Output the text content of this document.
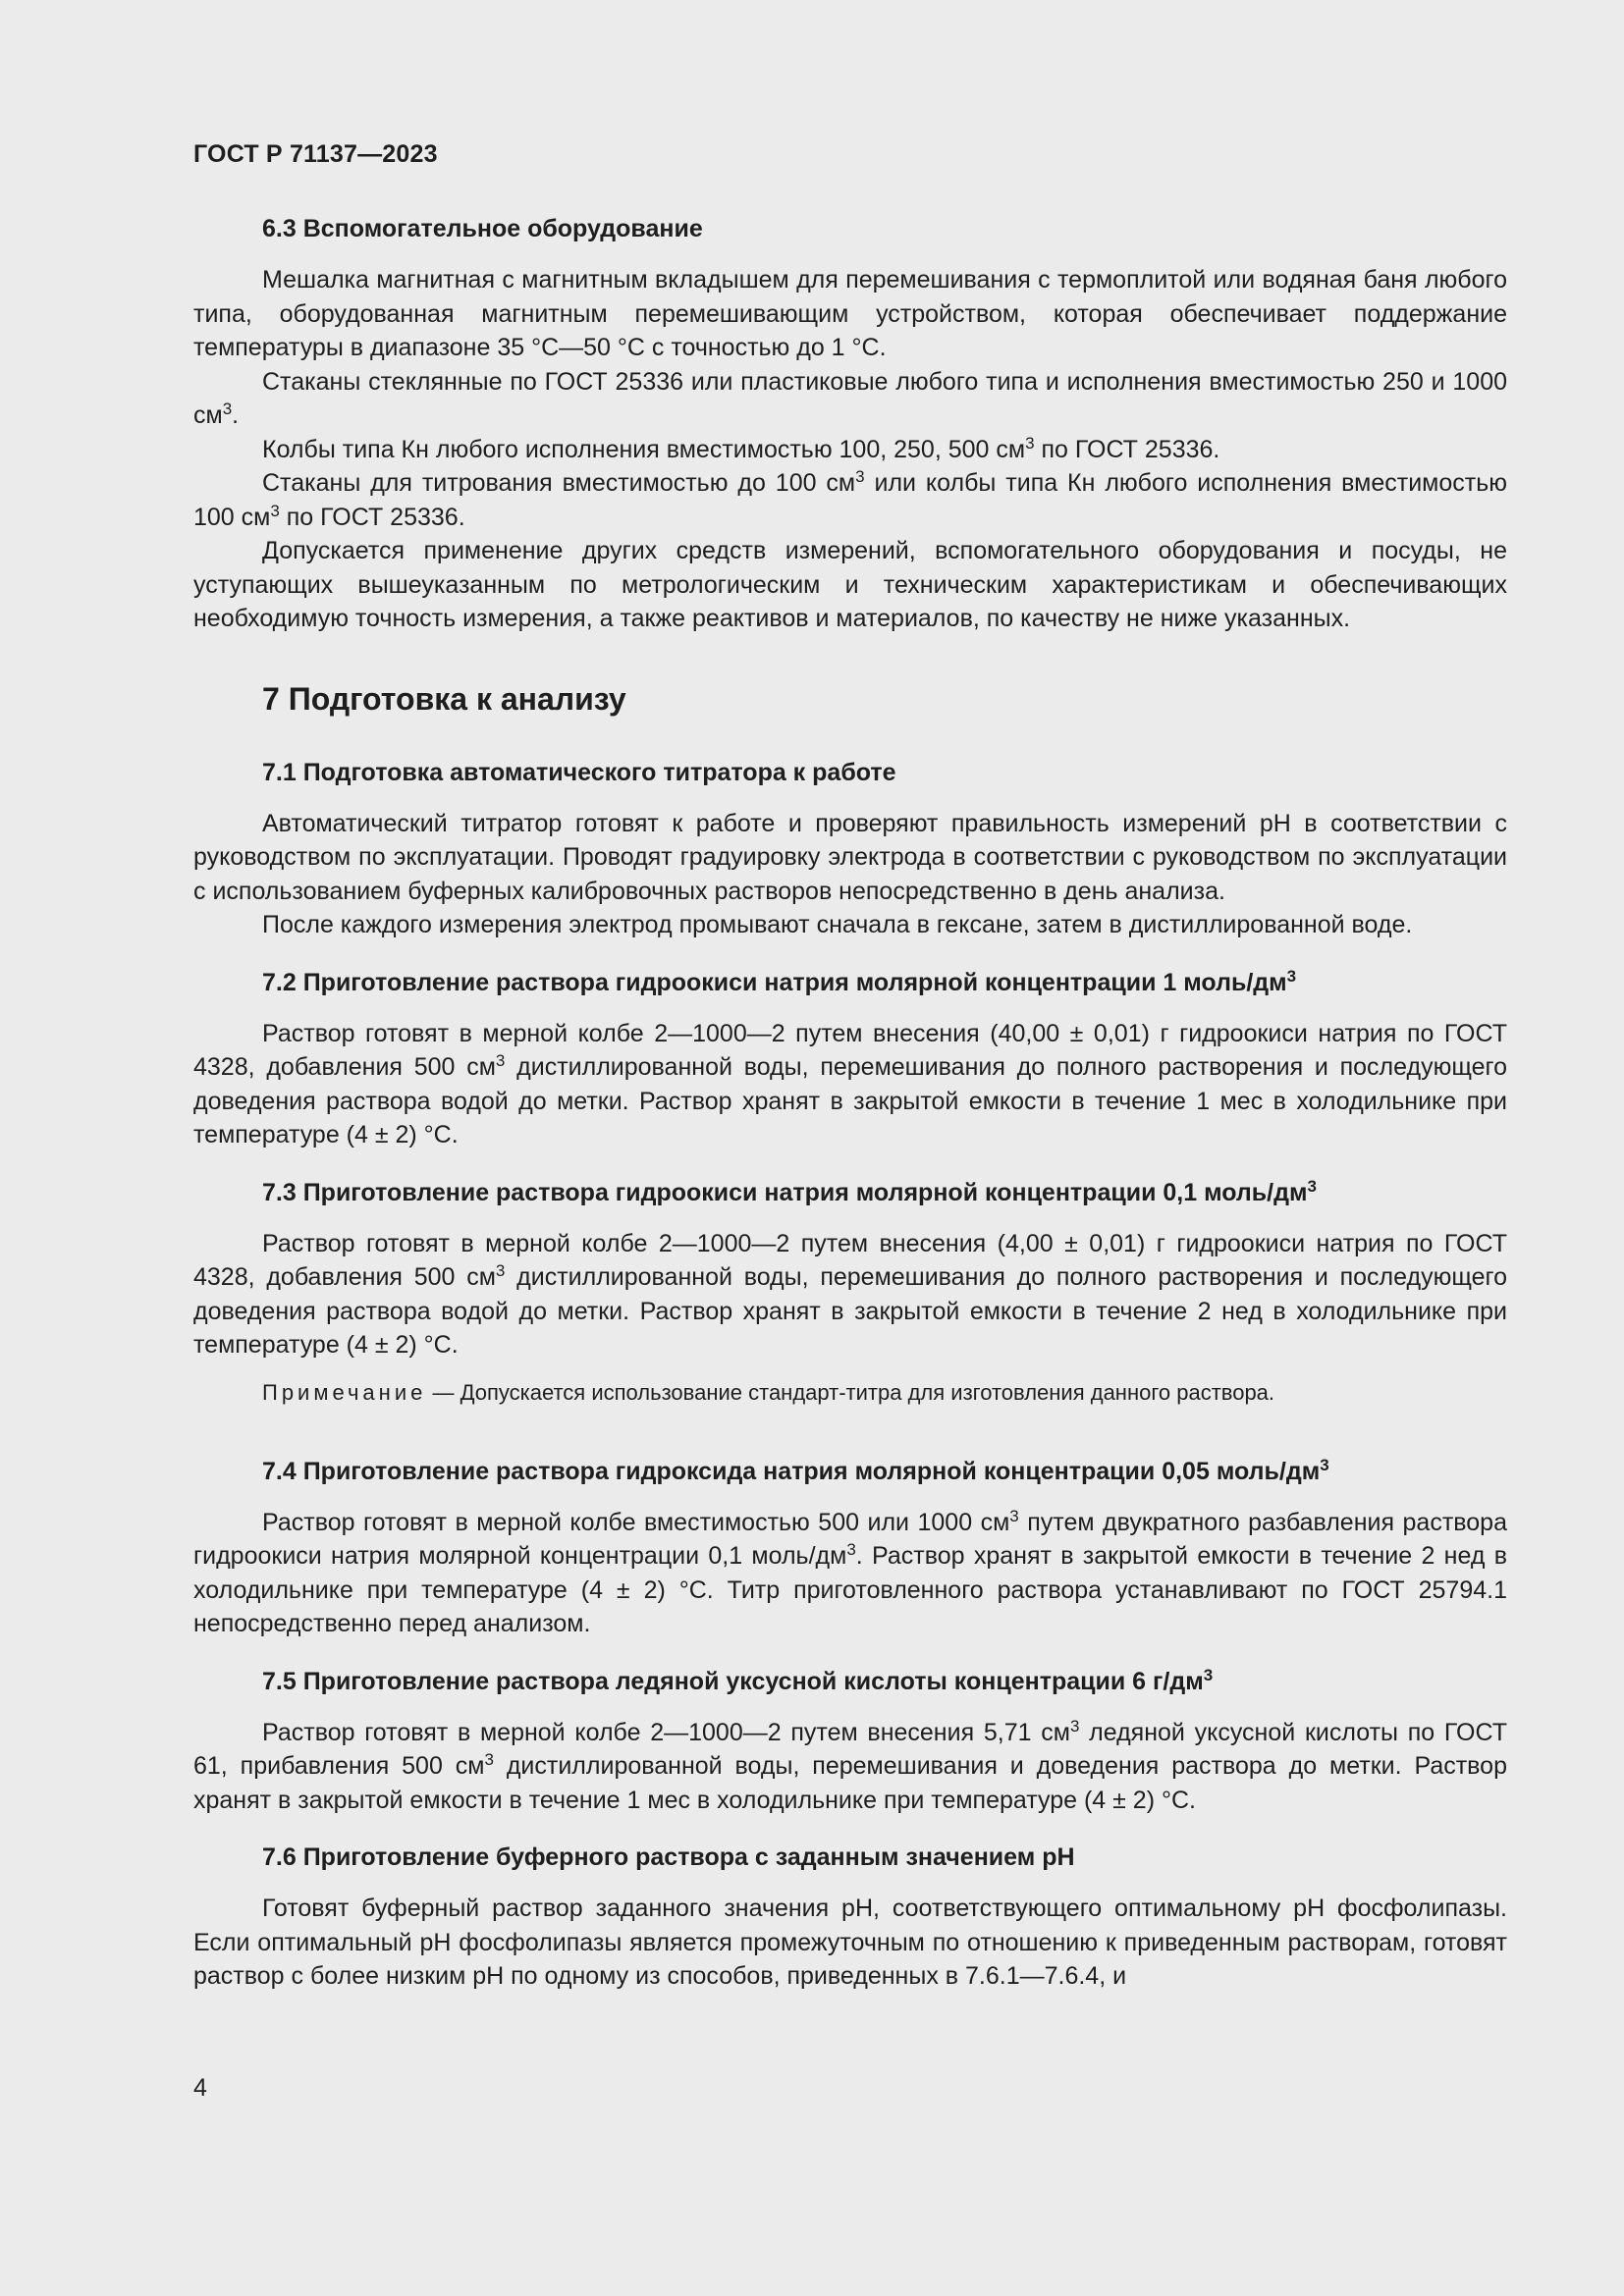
ГОСТ Р 71137—2023
6.3 Вспомогательное оборудование

Мешалка магнитная с магнитным вкладышем для перемешивания с термоплитой или водяная баня любого типа, оборудованная магнитным перемешивающим устройством, которая обеспечивает поддержание температуры в диапазоне 35 °С—50 °С с точностью до 1 °С.

Стаканы стеклянные по ГОСТ 25336 или пластиковые любого типа и исполнения вместимостью 250 и 1000 $см^3$.

Колбы типа Кн любого исполнения вместимостью 100, 250, 500 $см^3$ по ГОСТ 25336.

Стаканы для титрования вместимостью до 100 $см^3$ или колбы типа Кн любого исполнения вместимостью 100 $см^3$ по ГОСТ 25336.

Допускается применение других средств измерений, вспомогательного оборудования и посуды, не уступающих вышеуказанным по метрологическим и техническим характеристикам и обеспечивающих необходимую точность измерения, а также реактивов и материалов, по качеству не ниже указанных.

7 Подготовка к анализу
7.1 Подготовка автоматического титратора к работе

Автоматический титратор готовят к работе и проверяют правильность измерений рН в соответствии с руководством по эксплуатации. Проводят градуировку электрода в соответствии с руководством по эксплуатации с использованием буферных калибровочных растворов непосредственно в день анализа.

После каждого измерения электрод промывают сначала в гексане, затем в дистиллированной воде.

7.2 Приготовление раствора гидроокиси натрия молярной концентрации 1 моль/$дм^3$

Раствор готовят в мерной колбе 2—1000—2 путем внесения (40,00 ± 0,01) г гидроокиси натрия по ГОСТ 4328, добавления 500 $см^3$ дистиллированной воды, перемешивания до полного растворения и последующего доведения раствора водой до метки. Раствор хранят в закрытой емкости в течение 1 мес в холодильнике при температуре (4 ± 2) °С.

7.3 Приготовление раствора гидроокиси натрия молярной концентрации 0,1 моль/$дм^3$

Раствор готовят в мерной колбе 2—1000—2 путем внесения (4,00 ± 0,01) г гидроокиси натрия по ГОСТ 4328, добавления 500 $см^3$ дистиллированной воды, перемешивания до полного растворения и последующего доведения раствора водой до метки. Раствор хранят в закрытой емкости в течение 2 нед в холодильнике при температуре (4 ± 2) °С.

Примечание — Допускается использование стандарт-титра для изготовления данного раствора.
7.4 Приготовление раствора гидроксида натрия молярной концентрации 0,05 моль/$дм^3$

Раствор готовят в мерной колбе вместимостью 500 или 1000 $см^3$ путем двукратного разбавления раствора гидроокиси натрия молярной концентрации 0,1 моль/$дм^3$. Раствор хранят в закрытой емкости в течение 2 нед в холодильнике при температуре (4 ± 2) °С. Титр приготовленного раствора устанавливают по ГОСТ 25794.1 непосредственно перед анализом.

7.5 Приготовление раствора ледяной уксусной кислоты концентрации 6 $г/дм^3$

Раствор готовят в мерной колбе 2—1000—2 путем внесения 5,71 $см^3$ ледяной уксусной кислоты по ГОСТ 61, прибавления 500 $см^3$ дистиллированной воды, перемешивания и доведения раствора до метки. Раствор хранят в закрытой емкости в течение 1 мес в холодильнике при температуре (4 ± 2) °С.

7.6 Приготовление буферного раствора с заданным значением рН

Готовят буферный раствор заданного значения рН, соответствующего оптимальному рН фосфолипазы. Если оптимальный рН фосфолипазы является промежуточным по отношению к приведенным растворам, готовят раствор с более низким рН по одному из способов, приведенных в 7.6.1—7.6.4, и

4
